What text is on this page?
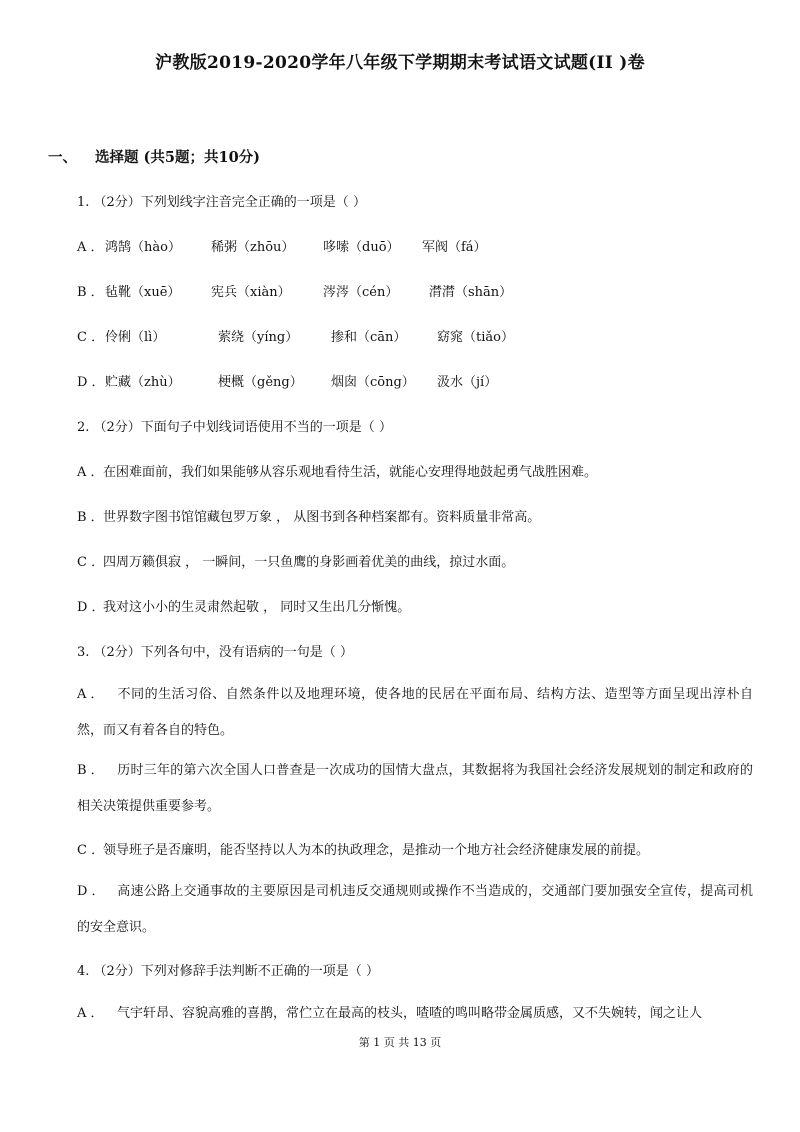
沪教版2019-2020学年八年级下学期期末考试语文试题(II )卷
一、 选择题 (共5题；共10分)
1. （2分）下列划线字注音完全正确的一项是（ ）
A ． 鸿鹄（hào） 稀粥（zhōu） 哆嗦（duō） 军阀（fá）
B ． 毡靴（xuē） 宪兵（xiàn） 涔涔（cén） 潸潸（shān）
C ． 伶俐（lì）	萦绕（yíng）	掺和（cān） 窈窕（tiǎo）
D ． 贮藏（zhù）	梗概（gěng） 烟囱（cōng） 汲水（jí）
2. （2分）下面句子中划线词语使用不当的一项是（ ）
A ．在困难面前，我们如果能够从容乐观地看待生活，就能心安理得地鼓起勇气战胜困难。
B ．世界数字图书馆馆藏包罗万象 ， 从图书到各种档案都有。资料质量非常高。
C ．四周万籁俱寂 ， 一瞬间，一只鱼鹰的身影画着优美的曲线，掠过水面。
D ．我对这小小的生灵肃然起敬 ， 同时又生出几分惭愧。
3. （2分）下列各句中，没有语病的一句是（ ）
A ． 不同的生活习俗、自然条件以及地理环境，使各地的民居在平面布局、结构方法、造型等方面呈现出淳朴自然，而又有着各自的特色。
B ． 历时三年的第六次全国人口普查是一次成功的国情大盘点，其数据将为我国社会经济发展规划的制定和政府的相关决策提供重要参考。
C ．领导班子是否廉明，能否坚持以人为本的执政理念，是推动一个地方社会经济健康发展的前提。
D ． 高速公路上交通事故的主要原因是司机违反交通规则或操作不当造成的，交通部门要加强安全宣传，提高司机的安全意识。
4. （2分）下列对修辞手法判断不正确的一项是（ ）
A ． 气宇轩昂、容貌高雅的喜鹊，常伫立在最高的枝头，喳喳的鸣叫略带金属质感，又不失婉转，闻之让人
第 1 页 共 13 页
